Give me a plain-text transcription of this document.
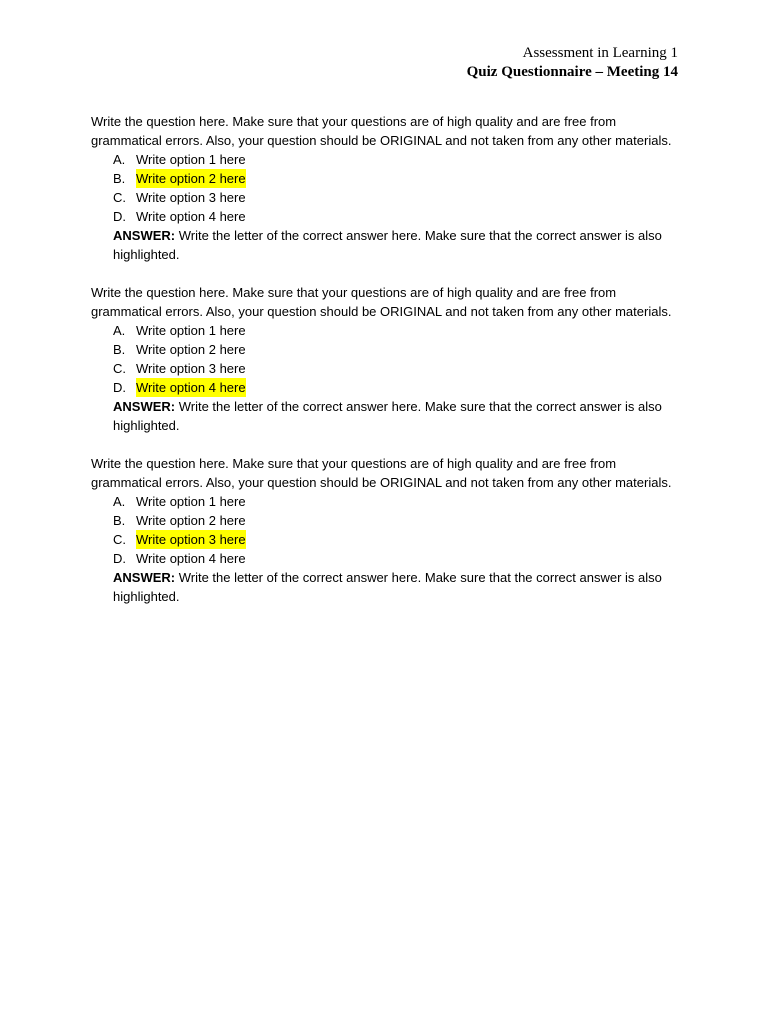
Assessment in Learning 1
Quiz Questionnaire – Meeting 14

Write the question here. Make sure that your questions are of high quality and are free from grammatical errors. Also, your question should be ORIGINAL and not taken from any other materials.

A. Write option 1 here
B. Write option 2 here
C. Write option 3 here
D. Write option 4 here
ANSWER: Write the letter of the correct answer here. Make sure that the correct answer is also highlighted.

Write the question here. Make sure that your questions are of high quality and are free from grammatical errors. Also, your question should be ORIGINAL and not taken from any other materials.

A. Write option 1 here
B. Write option 2 here
C. Write option 3 here
D. Write option 4 here
ANSWER: Write the letter of the correct answer here. Make sure that the correct answer is also highlighted.

Write the question here. Make sure that your questions are of high quality and are free from grammatical errors. Also, your question should be ORIGINAL and not taken from any other materials.

A. Write option 1 here
B. Write option 2 here
C. Write option 3 here
D. Write option 4 here
ANSWER: Write the letter of the correct answer here. Make sure that the correct answer is also highlighted.
